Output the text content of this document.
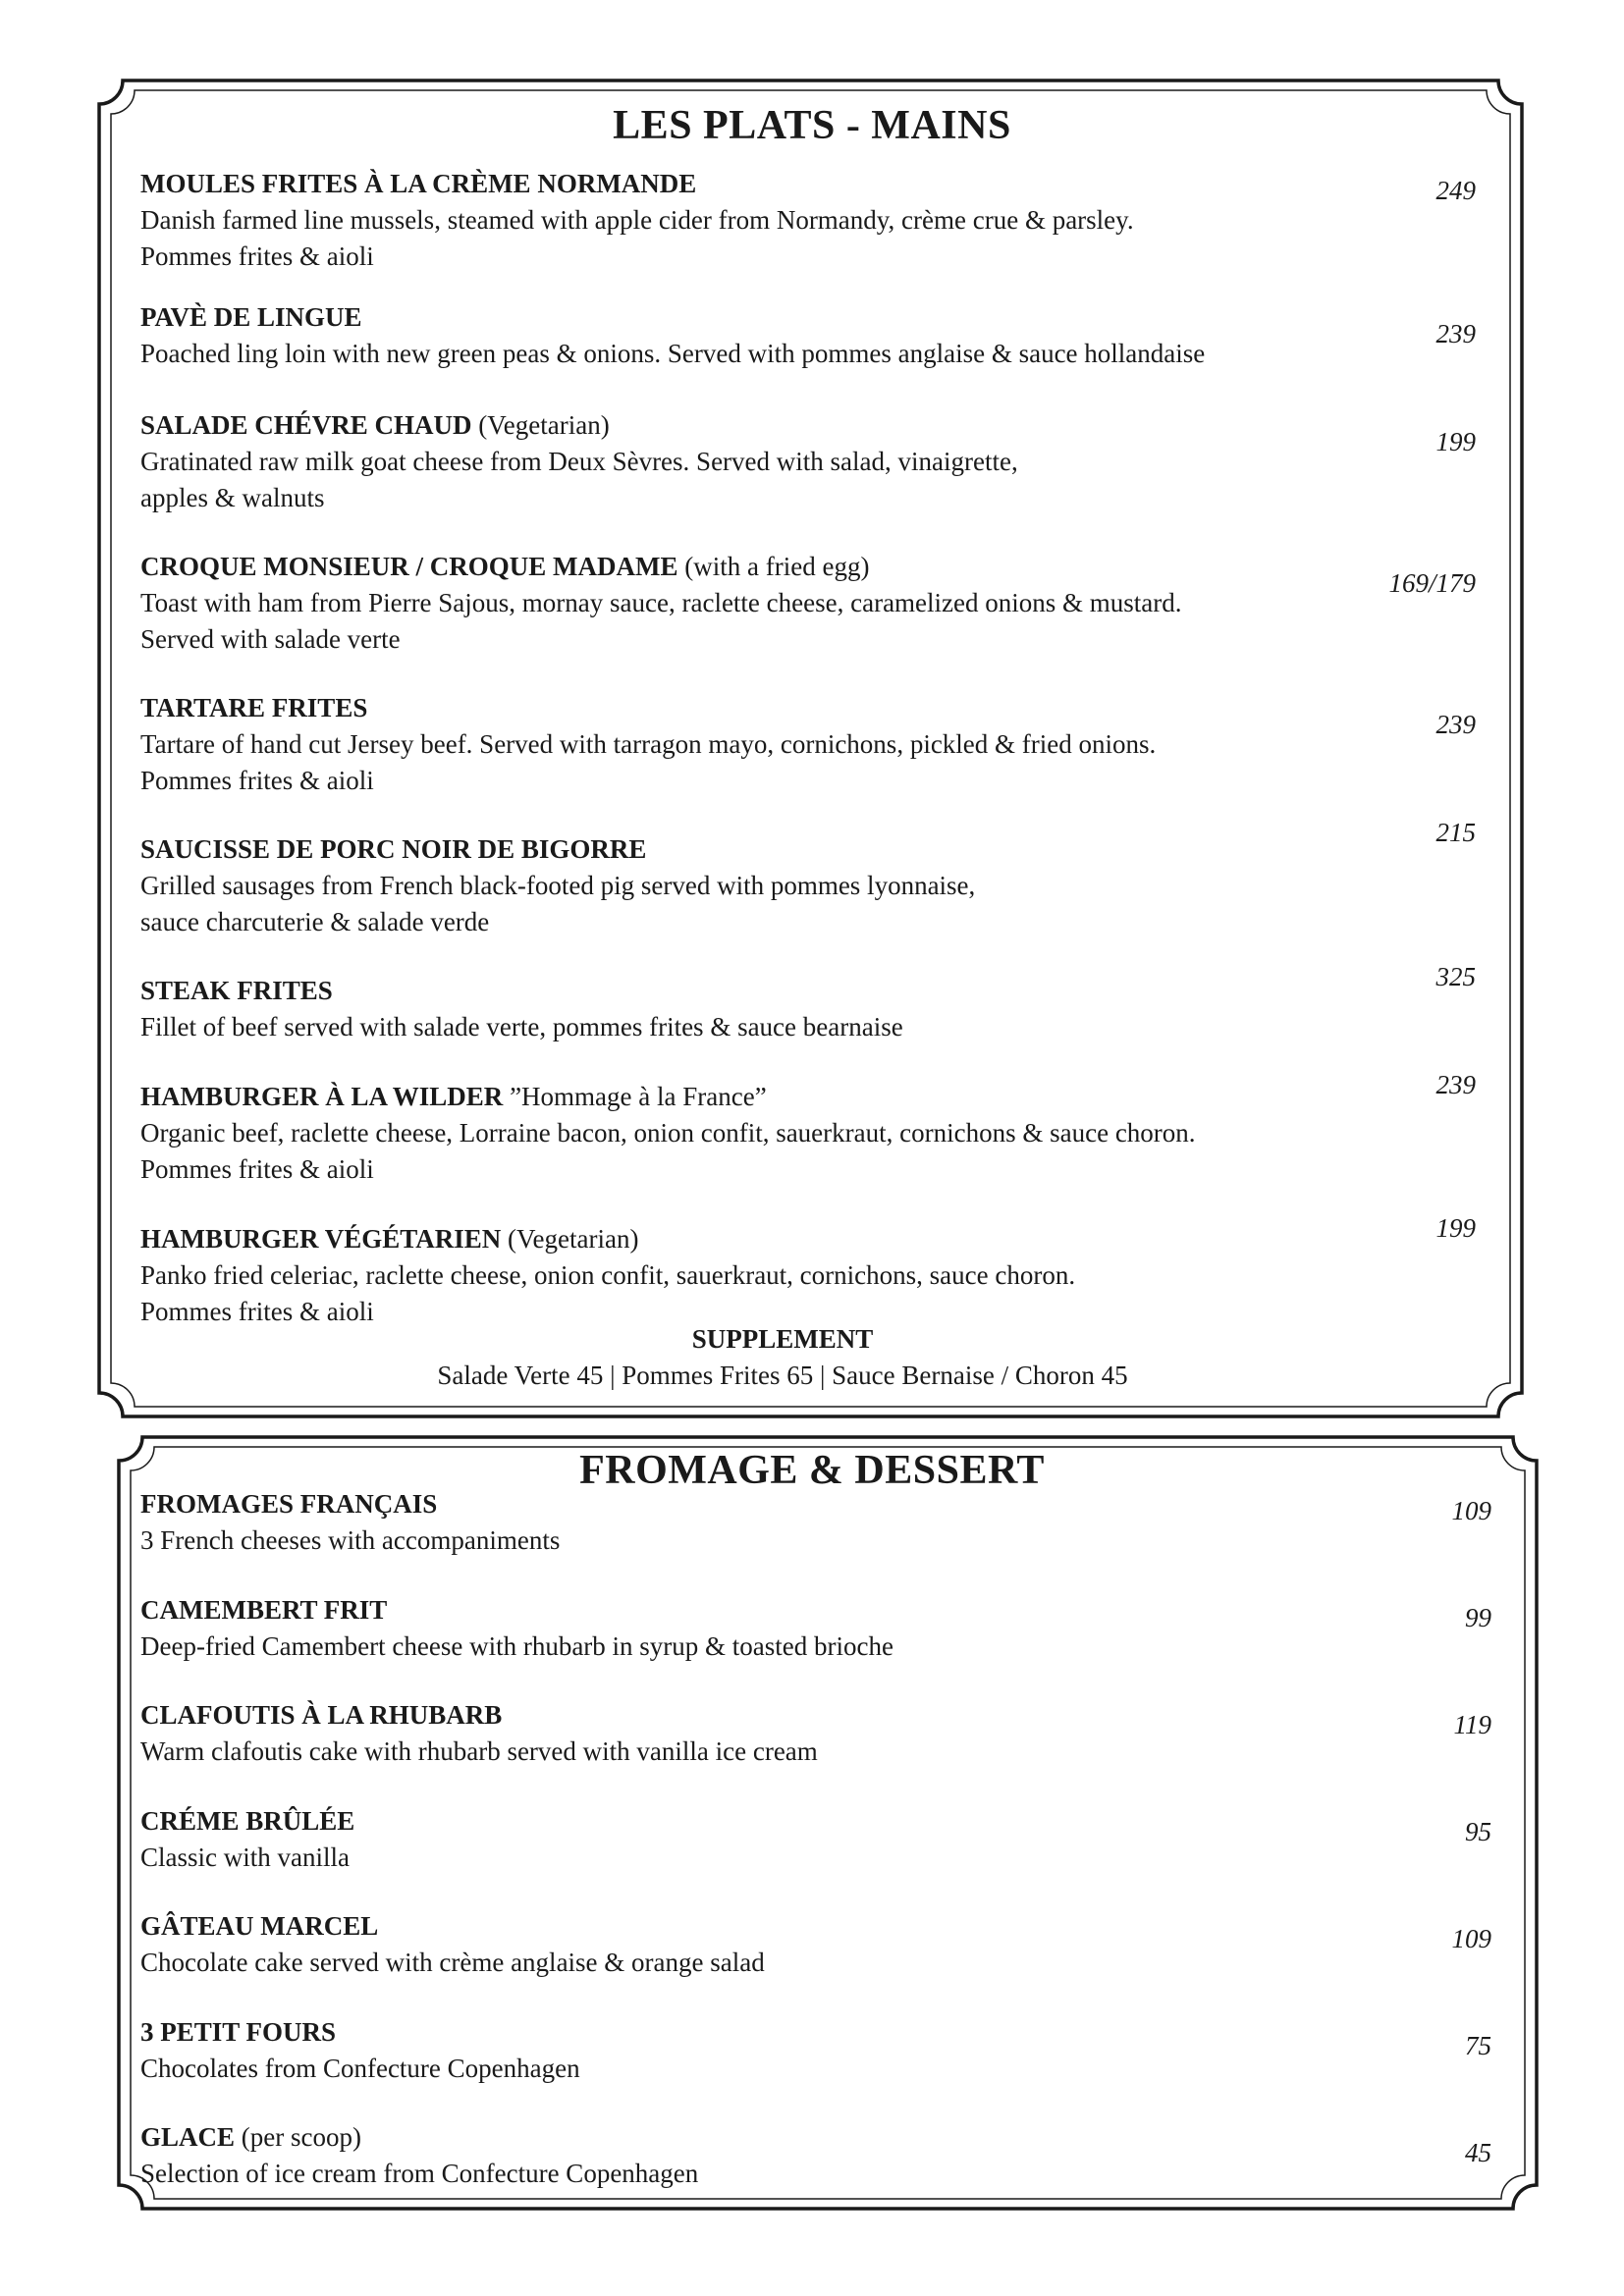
LES PLATS - MAINS
MOULES FRITES À LA CRÈME NORMANDE
Danish farmed line mussels, steamed with apple cider from Normandy, crème crue & parsley.
Pommes frites & aioli
249
PAVÈ DE LINGUE
Poached ling loin with new green peas & onions. Served with pommes anglaise & sauce hollandaise
239
SALADE CHÉVRE CHAUD (Vegetarian)
Gratinated raw milk goat cheese from Deux Sèvres. Served with salad, vinaigrette,
apples & walnuts
199
CROQUE MONSIEUR / CROQUE MADAME (with a fried egg)
Toast with ham from Pierre Sajous, mornay sauce, raclette cheese, caramelized onions & mustard.
Served with salade verte
169/179
TARTARE FRITES
Tartare of hand cut Jersey beef. Served with tarragon mayo, cornichons, pickled & fried onions.
Pommes frites & aioli
239
SAUCISSE DE PORC NOIR DE BIGORRE
Grilled sausages from French black-footed pig served with pommes lyonnaise,
sauce charcuterie & salade verde
215
STEAK FRITES
Fillet of beef served with salade verte, pommes frites & sauce bearnaise
325
HAMBURGER À LA WILDER ”Hommage à la France”
Organic beef, raclette cheese, Lorraine bacon, onion confit, sauerkraut, cornichons & sauce choron.
Pommes frites & aioli
239
HAMBURGER VÉGÉTARIEN (Vegetarian)
Panko fried celeriac, raclette cheese, onion confit, sauerkraut, cornichons, sauce choron.
Pommes frites & aioli
199
SUPPLEMENT
Salade Verte 45 | Pommes Frites 65 | Sauce Bernaise / Choron 45
FROMAGE & DESSERT
FROMAGES FRANÇAIS
3 French cheeses with accompaniments
109
CAMEMBERT FRIT
Deep-fried Camembert cheese with rhubarb in syrup & toasted brioche
99
CLAFOUTIS À LA RHUBARB
Warm clafoutis cake with rhubarb served with vanilla ice cream
119
CRÉME BRÛLÉE
Classic with vanilla
95
GÂTEAU MARCEL
Chocolate cake served with crème anglaise & orange salad
109
3 PETIT FOURS
Chocolates from Confecture Copenhagen
75
GLACE (per scoop)
Selection of ice cream from Confecture Copenhagen
45
